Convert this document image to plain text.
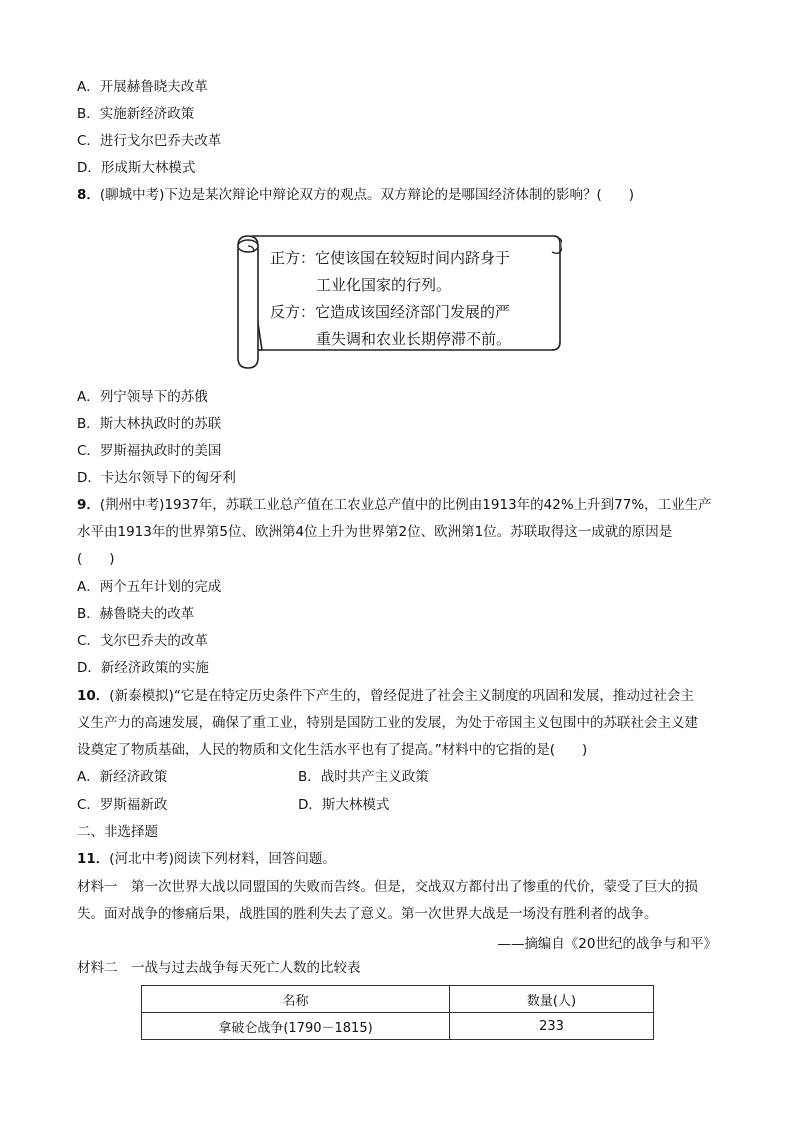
A．开展赫鲁晓夫改革
B．实施新经济政策
C．进行戈尔巴乔夫改革
D．形成斯大林模式
8．(聊城中考)下边是某次辩论中辩论双方的观点。双方辩论的是哪国经济体制的影响？(　　)
正方：它使该国在较短时间内跻身于
工业化国家的行列。
反方：它造成该国经济部门发展的严
重失调和农业长期停滞不前。
A．列宁领导下的苏俄
B．斯大林执政时的苏联
C．罗斯福执政时的美国
D．卡达尔领导下的匈牙利
9．(荆州中考)1937年，苏联工业总产值在工农业总产值中的比例由1913年的42%上升到77%，工业生产
水平由1913年的世界第5位、欧洲第4位上升为世界第2位、欧洲第1位。苏联取得这一成就的原因是
(　　)
A．两个五年计划的完成
B．赫鲁晓夫的改革
C．戈尔巴乔夫的改革
D．新经济政策的实施
10．(新泰模拟)“它是在特定历史条件下产生的，曾经促进了社会主义制度的巩固和发展，推动过社会主
义生产力的高速发展，确保了重工业，特别是国防工业的发展，为处于帝国主义包围中的苏联社会主义建
设奠定了物质基础，人民的物质和文化生活水平也有了提高。”材料中的它指的是(　　)
A．新经济政策	B．战时共产主义政策
C．罗斯福新政	D．斯大林模式
二、非选择题
11．(河北中考)阅读下列材料，回答问题。
材料一　第一次世界大战以同盟国的失败而告终。但是，交战双方都付出了惨重的代价，蒙受了巨大的损
失。面对战争的惨痛后果，战胜国的胜利失去了意义。第一次世界大战是一场没有胜利者的战争。
——摘编自《20世纪的战争与和平》
材料二　一战与过去战争每天死亡人数的比较表
名称	数量(人)
拿破仑战争(1790－1815)	233
